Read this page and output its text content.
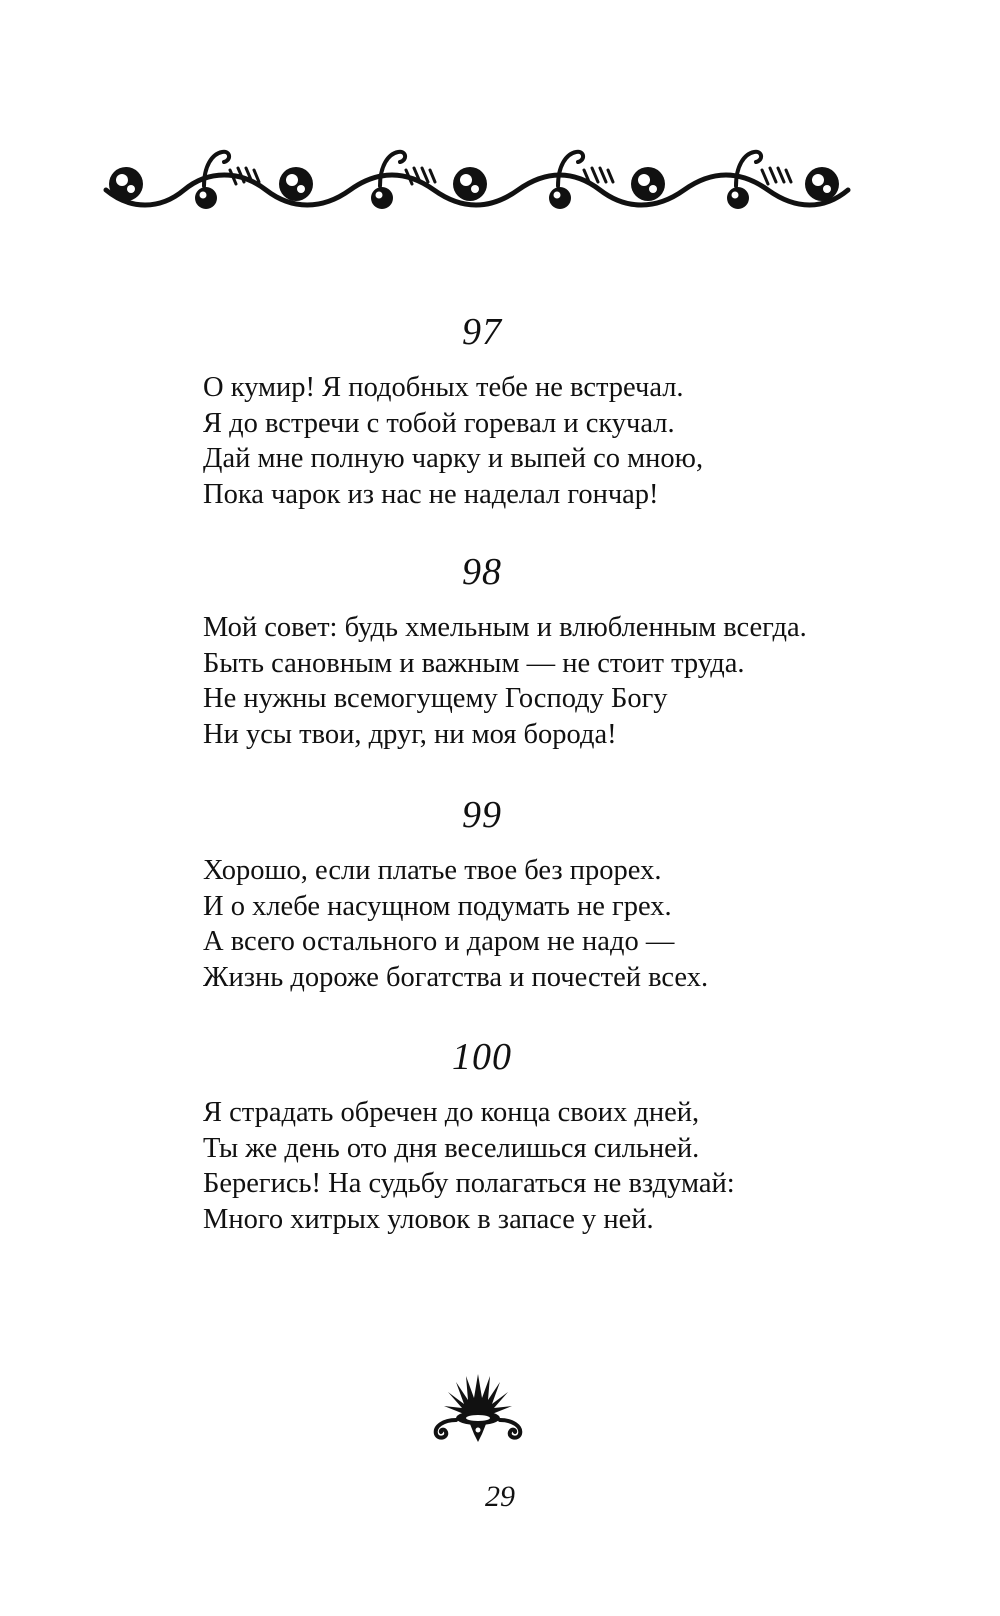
97
О кумир! Я подобных тебе не встречал.
Я до встречи с тобой горевал и скучал.
Дай мне полную чарку и выпей со мною,
Пока чарок из нас не наделал гончар!
98
Мой совет: будь хмельным и влюбленным всегда.
Быть сановным и важным — не стоит труда.
Не нужны всемогущему Господу Богу
Ни усы твои, друг, ни моя борода!
99
Хорошо, если платье твое без прорех.
И о хлебе насущном подумать не грех.
А всего остального и даром не надо —
Жизнь дороже богатства и почестей всех.
100
Я страдать обречен до конца своих дней,
Ты же день ото дня веселишься сильней.
Берегись! На судьбу полагаться не вздумай:
Много хитрых уловок в запасе у ней.
29
